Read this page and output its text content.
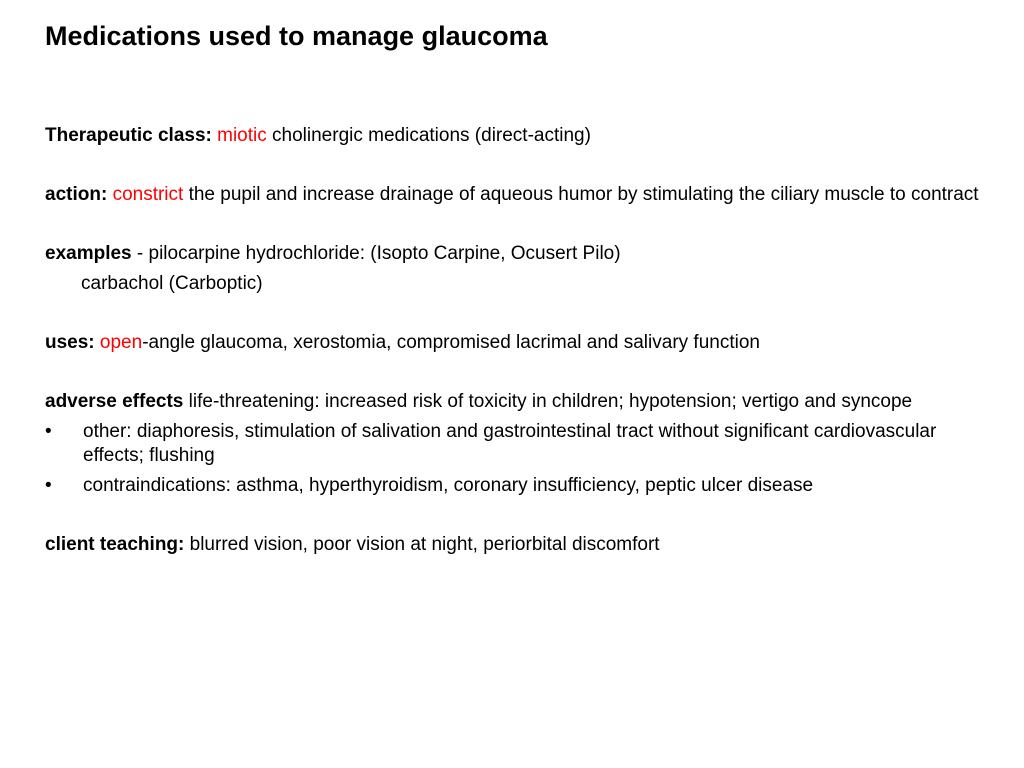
Medications used to manage glaucoma

Therapeutic class: miotic cholinergic medications (direct-acting)

action: constrict the pupil and increase drainage of aqueous humor by stimulating the ciliary muscle to contract

examples - pilocarpine hydrochloride: (Isopto Carpine, Ocusert Pilo)

carbachol (Carboptic)

uses: open-angle glaucoma, xerostomia, compromised lacrimal and salivary function

adverse effects life-threatening: increased risk of toxicity in children; hypotension; vertigo and syncope

•	other: diaphoresis, stimulation of salivation and gastrointestinal tract without significant cardiovascular effects; flushing
•	contraindications: asthma, hyperthyroidism, coronary insufficiency, peptic ulcer disease

client teaching: blurred vision, poor vision at night, periorbital discomfort
